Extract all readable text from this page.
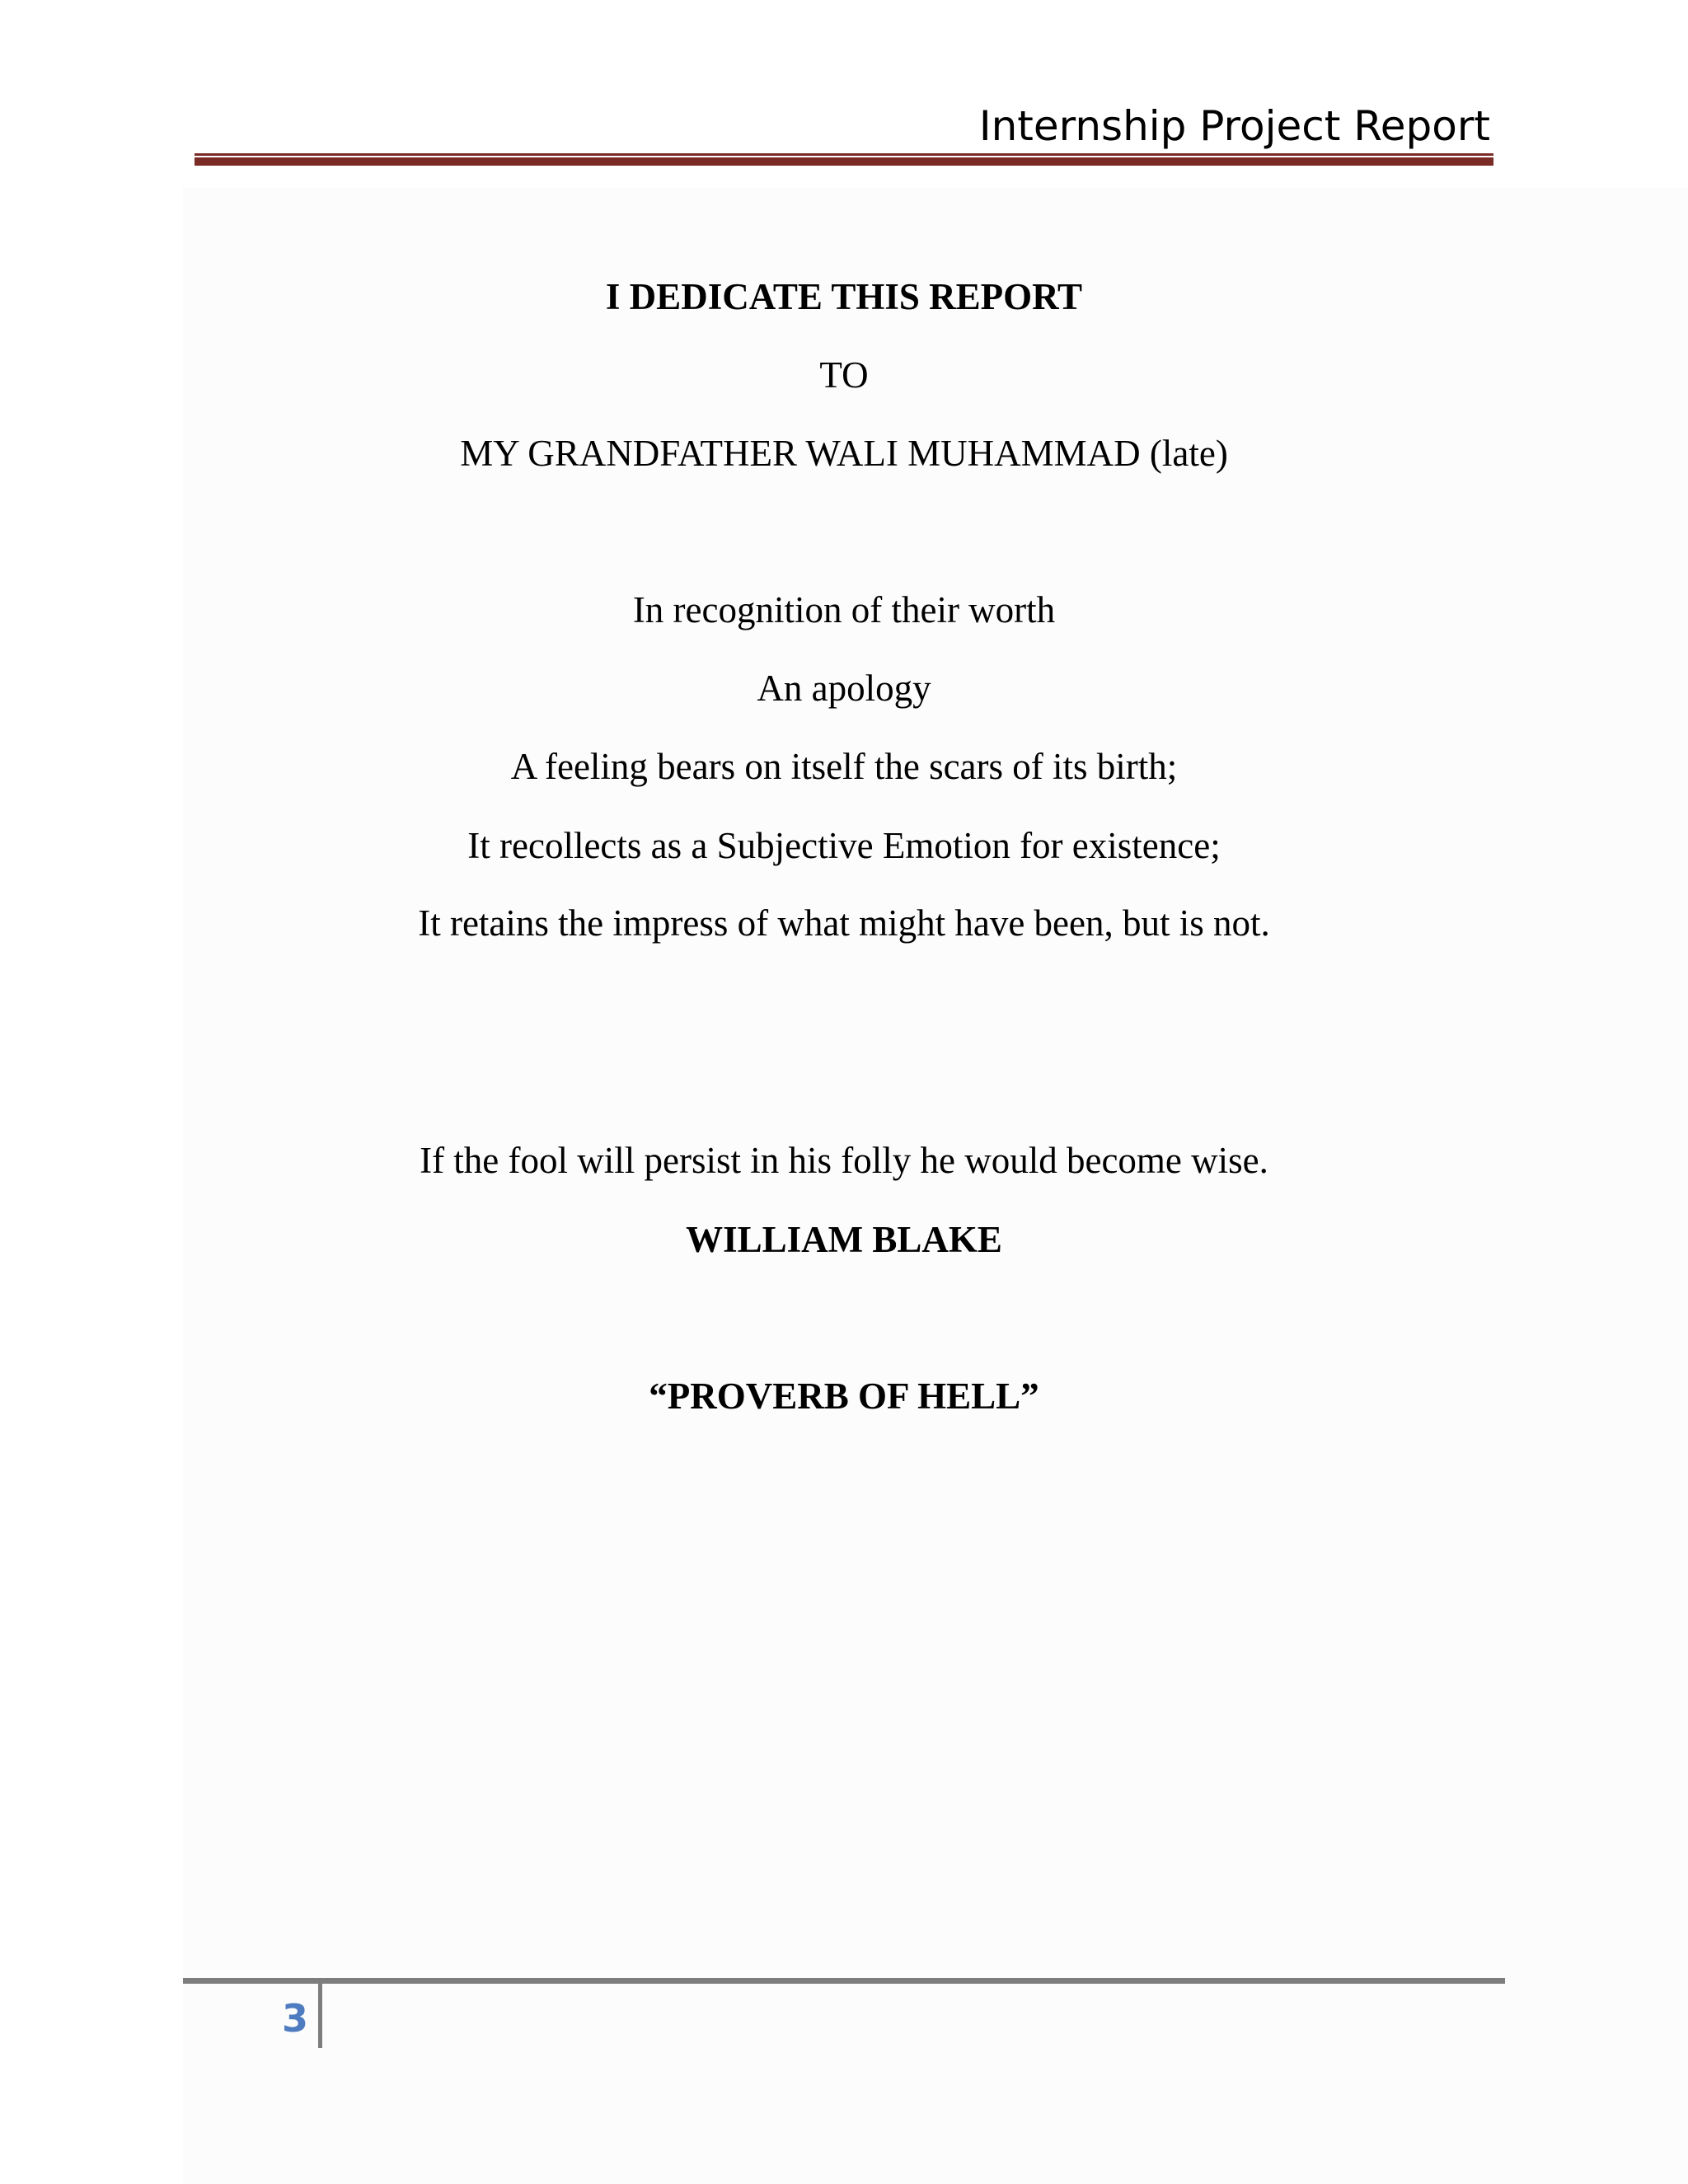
Internship Project Report
I DEDICATE THIS REPORT
TO
MY GRANDFATHER WALI MUHAMMAD (late)
In recognition of their worth
An apology
A feeling bears on itself the scars of its birth;
It recollects as a Subjective Emotion for existence;
It retains the impress of what might have been, but is not.
If the fool will persist in his folly he would become wise.
WILLIAM BLAKE
“PROVERB OF HELL”
3
